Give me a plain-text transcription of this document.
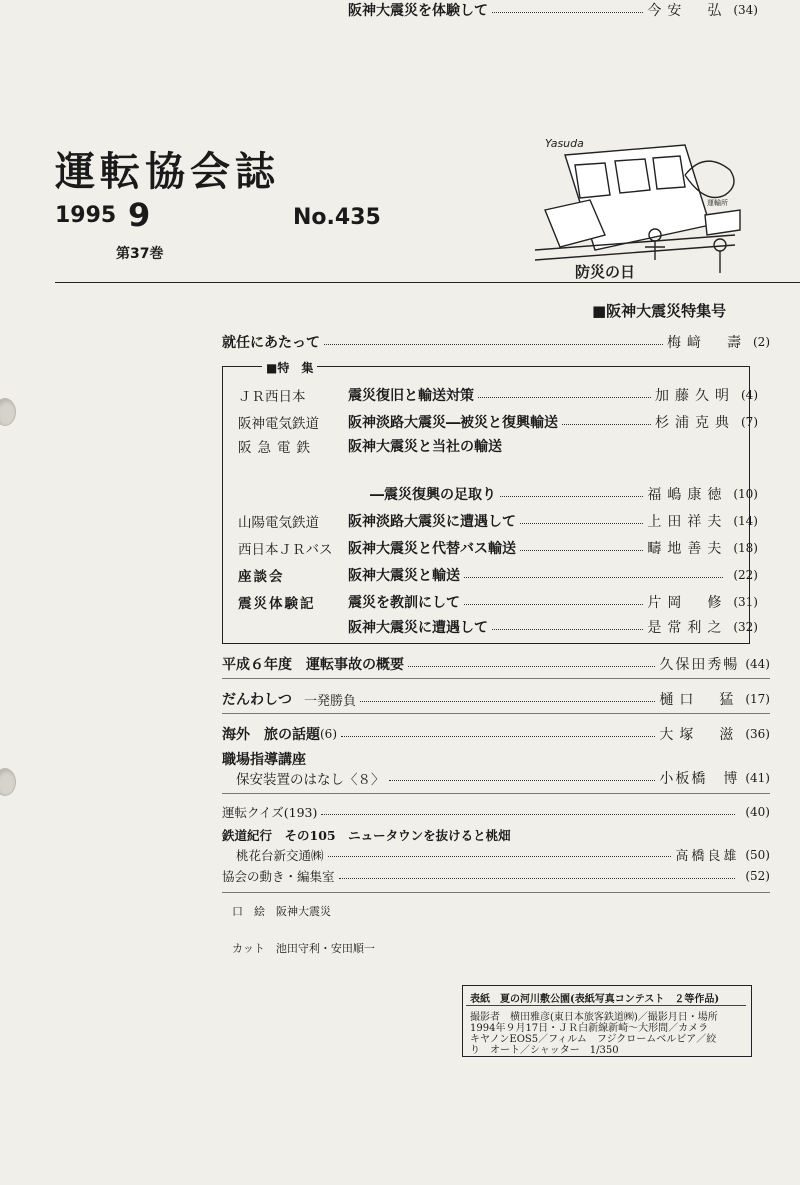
運転協会誌
1995 9	No.435
第37巻
Yasuda
防災の日
運輸所
■阪神大震災特集号
就任にあたって	梅﨑　壽 (2)
■特　集
ＪＲ西日本	震災復旧と輸送対策	加藤久明 (4)
阪神電気鉄道	阪神淡路大震災―被災と復興輸送	杉浦克典 (7)
阪急電鉄	阪神大震災と当社の輸送
―震災復興の足取り	福嶋康徳 (10)
山陽電気鉄道	阪神淡路大震災に遭遇して	上田祥夫 (14)
西日本ＪＲバス	阪神大震災と代替バス輸送	疇地善夫 (18)
座談会	阪神大震災と輸送	(22)
震災体験記	震災を教訓にして	片岡　修 (31)
阪神大震災に遭遇して	是常利之 (32)
阪神大震災を体験して	今安　弘 (34)
平成６年度　運転事故の概要	久保田秀暢 (44)
だんわしつ 一発勝負	樋口　猛 (17)
海外　旅の話題 (6)	大塚　滋 (36)
職場指導講座
保安装置のはなし〈８〉	小板橋　博 (41)
運転クイズ(193)	(40)
鉄道紀行　その105　ニュータウンを抜けると桃畑
桃花台新交通㈱	高橋良雄 (50)
協会の動き・編集室	(52)
口　絵　阪神大震災
カット　池田守利・安田順一
表紙　夏の河川敷公園(表紙写真コンテスト　２等作品)
撮影者　横田雅彦(東日本旅客鉄道㈱)／撮影月日・場所
1994年９月17日・ＪＲ白新線新崎～大形間／カメラ
キヤノンEOS5／フィルム　フジクロームベルビア／絞
り　オート／シャッター　1/350
